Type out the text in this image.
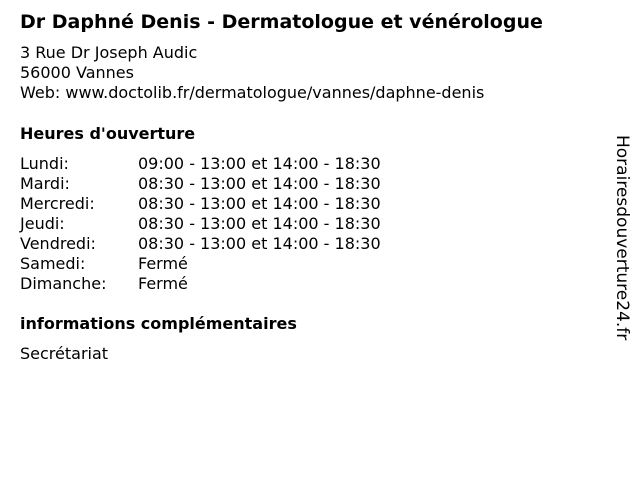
Dr Daphné Denis - Dermatologue et vénérologue
3 Rue Dr Joseph Audic
56000 Vannes
Web: www.doctolib.fr/dermatologue/vannes/daphne-denis
Heures d'ouverture
Lundi:	09:00 - 13:00 et 14:00 - 18:30
Mardi:	08:30 - 13:00 et 14:00 - 18:30
Mercredi:	08:30 - 13:00 et 14:00 - 18:30
Jeudi:	08:30 - 13:00 et 14:00 - 18:30
Vendredi:	08:30 - 13:00 et 14:00 - 18:30
Samedi:	Fermé
Dimanche:	Fermé
informations complémentaires
Secrétariat
Horairesdouverture24.fr
